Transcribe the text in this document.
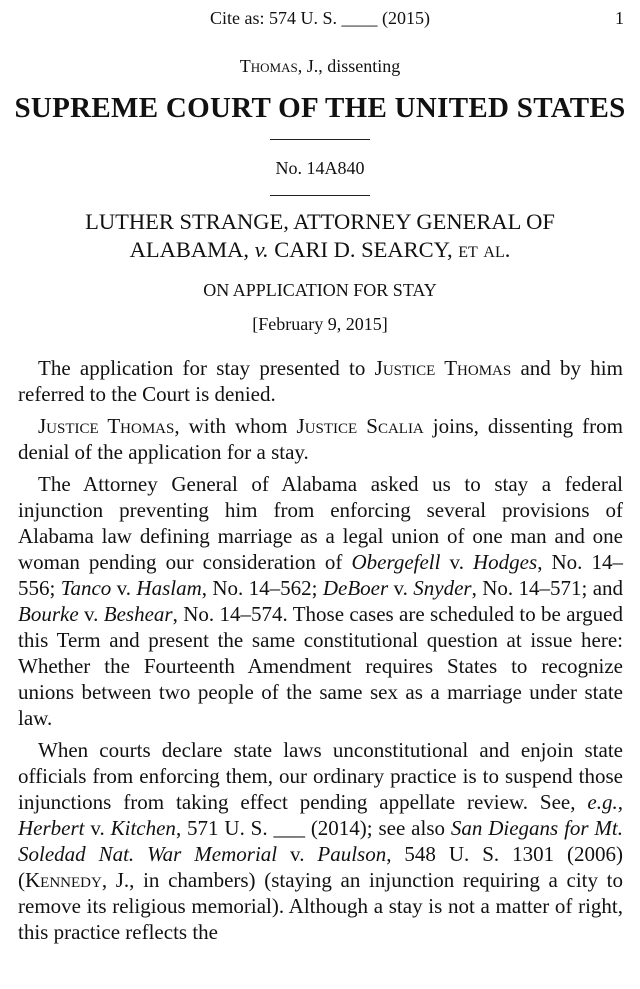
Cite as: 574 U. S. ____ (2015)	1
Thomas, J., dissenting
SUPREME COURT OF THE UNITED STATES
No. 14A840
LUTHER STRANGE, ATTORNEY GENERAL OF
ALABAMA, v. CARI D. SEARCY, et al.
ON APPLICATION FOR STAY
[February 9, 2015]

The application for stay presented to Justice Thomas and by him referred to the Court is denied.

Justice Thomas, with whom Justice Scalia joins, dissenting from denial of the application for a stay.

The Attorney General of Alabama asked us to stay a federal injunction preventing him from enforcing several provisions of Alabama law defining marriage as a legal union of one man and one woman pending our consideration of Obergefell v. Hodges, No. 14–556; Tanco v. Haslam, No. 14–562; DeBoer v. Snyder, No. 14–571; and Bourke v. Beshear, No. 14–574. Those cases are scheduled to be argued this Term and present the same constitutional question at issue here: Whether the Fourteenth Amendment requires States to recognize unions between two people of the same sex as a marriage under state law.

When courts declare state laws unconstitutional and enjoin state officials from enforcing them, our ordinary practice is to suspend those injunctions from taking effect pending appellate review. See, e.g., Herbert v. Kitchen, 571 U. S. ___ (2014); see also San Diegans for Mt. Soledad Nat. War Memorial v. Paulson, 548 U. S. 1301 (2006) (Kennedy, J., in chambers) (staying an injunction requiring a city to remove its religious memorial). Although a stay is not a matter of right, this practice reflects the
